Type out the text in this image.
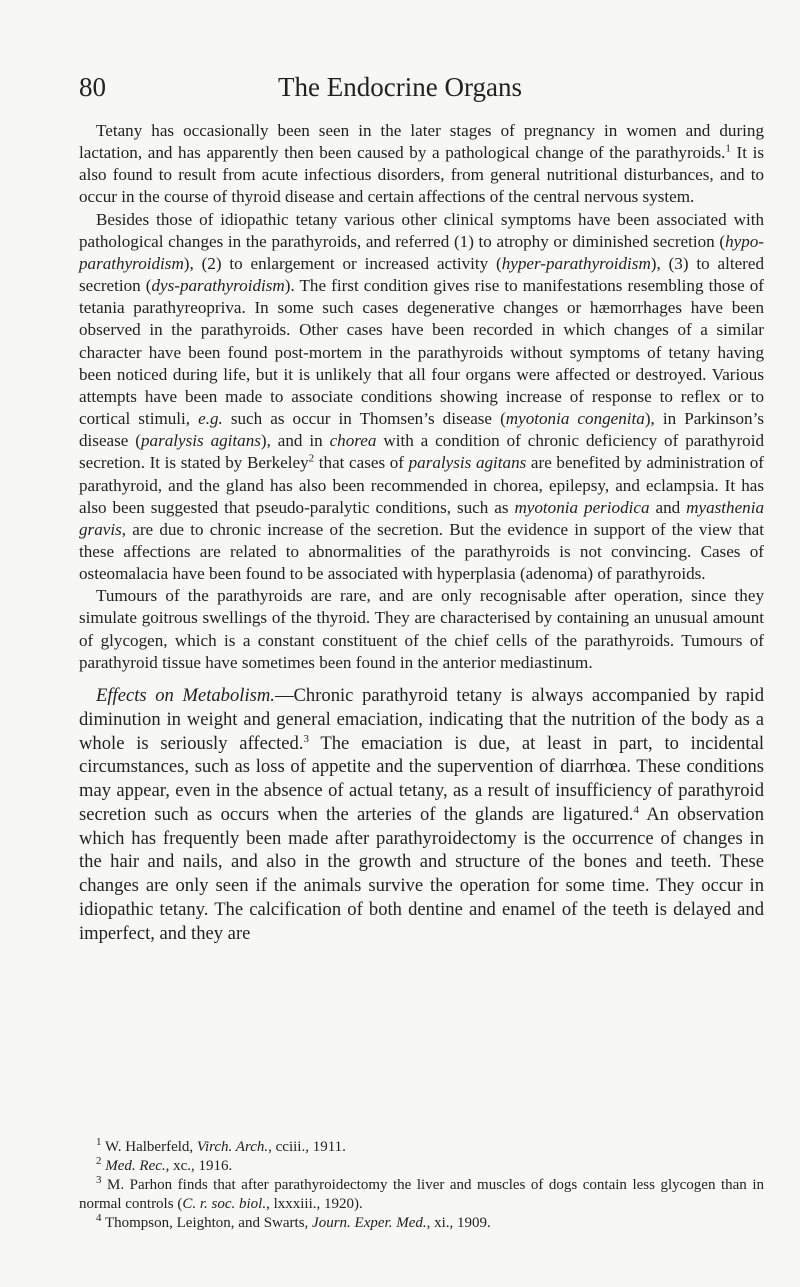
The Endocrine Organs
80

Tetany has occasionally been seen in the later stages of pregnancy in women and during lactation, and has apparently then been caused by a pathological change of the parathyroids.$^1$ It is also found to result from acute infectious disorders, from general nutritional disturbances, and to occur in the course of thyroid disease and certain affections of the central nervous system.

Besides those of idiopathic tetany various other clinical symptoms have been associated with pathological changes in the parathyroids, and referred (1) to atrophy or diminished secretion (hypo-parathyroidism), (2) to enlargement or increased activity (hyper-parathyroidism), (3) to altered secretion (dys-parathyroidism). The first condition gives rise to manifestations resembling those of tetania parathyreopriva. In some such cases degenerative changes or hæmorrhages have been observed in the parathyroids. Other cases have been recorded in which changes of a similar character have been found post-mortem in the parathyroids without symptoms of tetany having been noticed during life, but it is unlikely that all four organs were affected or destroyed. Various attempts have been made to associate conditions showing increase of response to reflex or to cortical stimuli, e.g. such as occur in Thomsen’s disease (myotonia congenita), in Parkinson’s disease (paralysis agitans), and in chorea with a condition of chronic deficiency of parathyroid secretion. It is stated by Berkeley$^2$ that cases of paralysis agitans are benefited by administration of parathyroid, and the gland has also been recommended in chorea, epilepsy, and eclampsia. It has also been suggested that pseudo-paralytic conditions, such as myotonia periodica and myasthenia gravis, are due to chronic increase of the secretion. But the evidence in support of the view that these affections are related to abnormalities of the parathyroids is not convincing. Cases of osteomalacia have been found to be associated with hyperplasia (adenoma) of parathyroids.

Tumours of the parathyroids are rare, and are only recognisable after operation, since they simulate goitrous swellings of the thyroid. They are characterised by containing an unusual amount of glycogen, which is a constant constituent of the chief cells of the parathyroids. Tumours of parathyroid tissue have sometimes been found in the anterior mediastinum.

Effects on Metabolism.—Chronic parathyroid tetany is always accompanied by rapid diminution in weight and general emaciation, indicating that the nutrition of the body as a whole is seriously affected.$^3$ The emaciation is due, at least in part, to incidental circumstances, such as loss of appetite and the supervention of diarrhœa. These conditions may appear, even in the absence of actual tetany, as a result of insufficiency of parathyroid secretion such as occurs when the arteries of the glands are ligatured.$^4$ An observation which has frequently been made after parathyroidectomy is the occurrence of changes in the hair and nails, and also in the growth and structure of the bones and teeth. These changes are only seen if the animals survive the operation for some time. They occur in idiopathic tetany. The calcification of both dentine and enamel of the teeth is delayed and imperfect, and they are

$^1$ W. Halberfeld, Virch. Arch., cciii., 1911.

$^2$ Med. Rec., xc., 1916.

$^3$ M. Parhon finds that after parathyroidectomy the liver and muscles of dogs contain less glycogen than in normal controls (C. r. soc. biol., lxxxiii., 1920).

$^4$ Thompson, Leighton, and Swarts, Journ. Exper. Med., xi., 1909.
